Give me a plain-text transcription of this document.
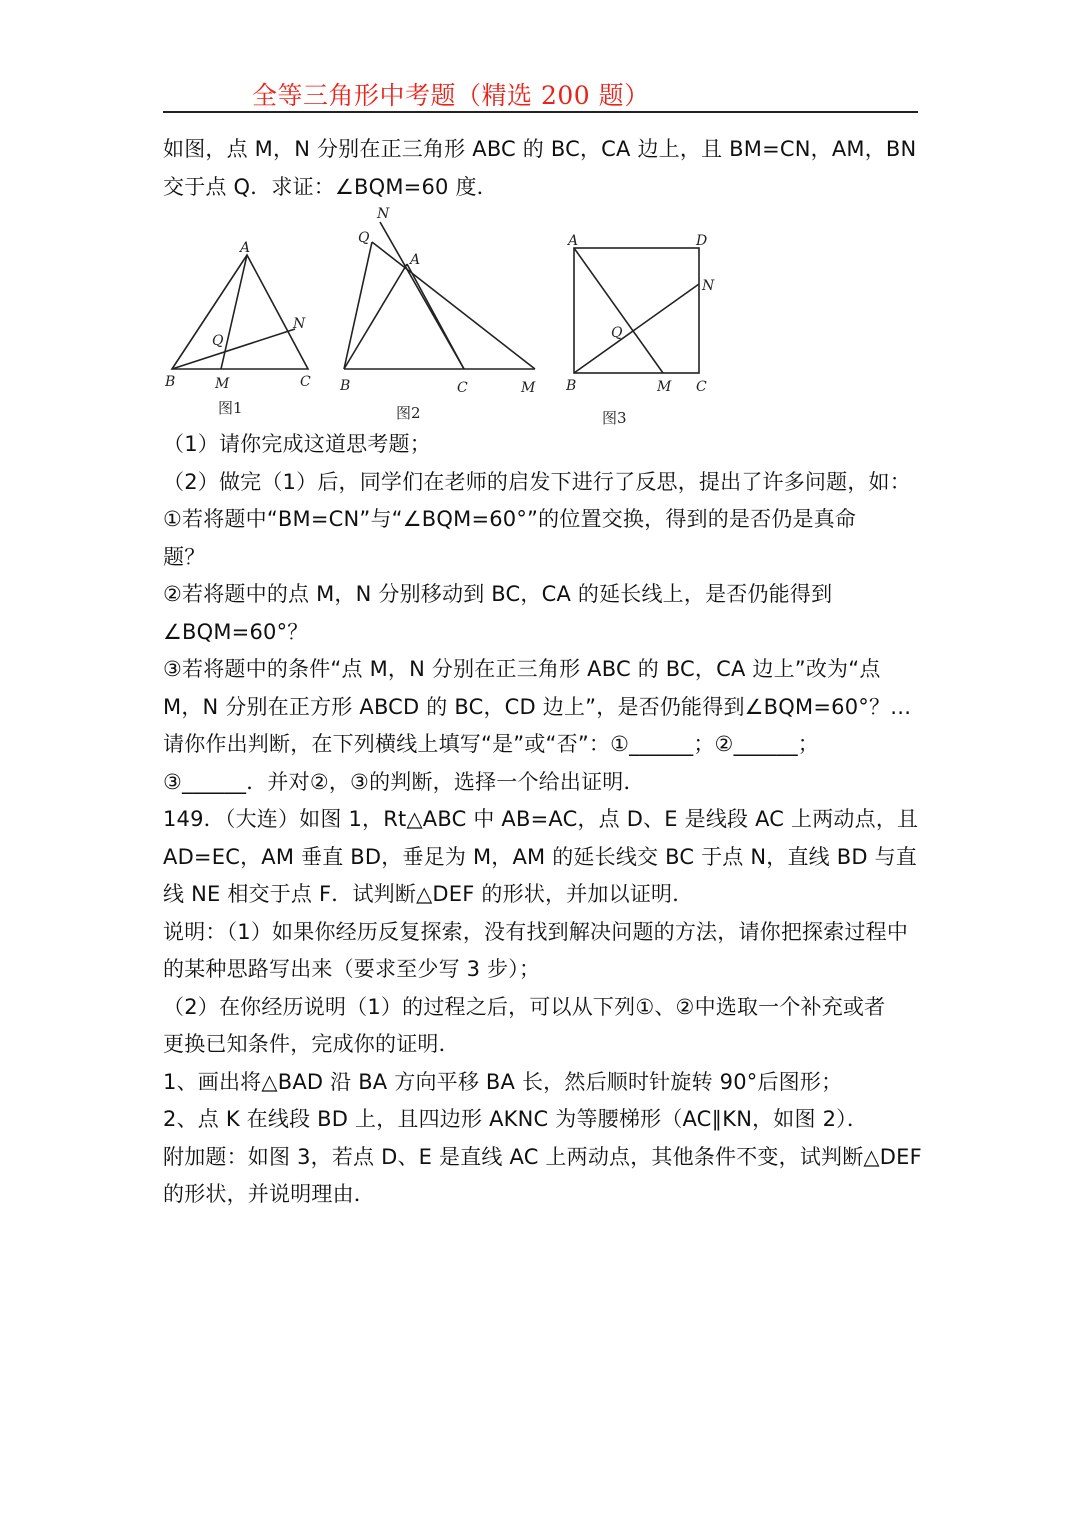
全等三角形中考题（精选 200 题）
如图，点 M，N 分别在正三角形 ABC 的 BC，CA 边上，且 BM=CN，AM，BN
交于点 Q．求证：∠BQM=60 度．
A
B	C
M
N
Q
图1
N
Q
A
B	C	M
图2
A	D
N
Q
B	M C
图3
（1）请你完成这道思考题；
（2）做完（1）后，同学们在老师的启发下进行了反思，提出了许多问题，如：
①若将题中“BM=CN”与“∠BQM=60°”的位置交换，得到的是否仍是真命
题？
②若将题中的点 M，N 分别移动到 BC，CA 的延长线上，是否仍能得到
∠BQM=60°？
③若将题中的条件“点 M，N 分别在正三角形 ABC 的 BC，CA 边上”改为“点
M，N 分别在正方形 ABCD 的 BC，CD 边上”，是否仍能得到∠BQM=60°？…
请你作出判断，在下列横线上填写“是”或“否”：①______；②______；
③______．并对②，③的判断，选择一个给出证明．
149．（大连）如图 1，Rt△ABC 中 AB=AC，点 D、E 是线段 AC 上两动点，且
AD=EC，AM 垂直 BD，垂足为 M，AM 的延长线交 BC 于点 N，直线 BD 与直
线 NE 相交于点 F．试判断△DEF 的形状，并加以证明．
说明：（1）如果你经历反复探索，没有找到解决问题的方法，请你把探索过程中
的某种思路写出来（要求至少写 3 步）；
（2）在你经历说明（1）的过程之后，可以从下列①、②中选取一个补充或者
更换已知条件，完成你的证明．
1、画出将△BAD 沿 BA 方向平移 BA 长，然后顺时针旋转 90°后图形；
2、点 K 在线段 BD 上，且四边形 AKNC 为等腰梯形（AC∥KN，如图 2）．
附加题：如图 3，若点 D、E 是直线 AC 上两动点，其他条件不变，试判断△DEF
的形状，并说明理由．
